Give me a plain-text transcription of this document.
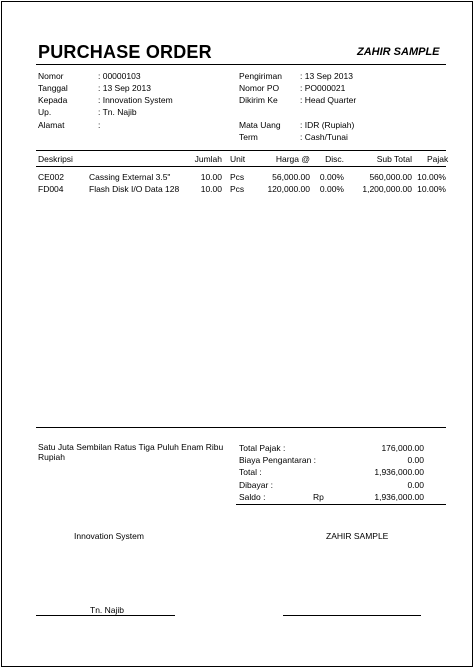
PURCHASE ORDER	ZAHIR SAMPLE
Nomor	: 00000103
Tanggal	: 13 Sep 2013
Kepada	: Innovation System
Up.	: Tn. Najib
Alamat	:
Pengiriman : 13 Sep 2013
Nomor PO : PO000021
Dikirim Ke	: Head Quarter
Mata Uang : IDR (Rupiah)
Term	: Cash/Tunai
Deskripsi	Jumlah Unit	Harga @	Disc.	Sub Total Pajak
CE002	Cassing External 3.5"	10.00 Pcs	56,000.00	0.00%	560,000.00 10.00%
FD004	Flash Disk I/O Data 128	10.00 Pcs	120,000.00	0.00%	1,200,000.00 10.00%
Satu Juta Sembilan Ratus Tiga Puluh Enam Ribu Rupiah
Total Pajak :	176,000.00
Biaya Pengantaran :	0.00
Total :	1,936,000.00
Dibayar :	0.00
Saldo :	Rp	1,936,000.00
Innovation System	ZAHIR SAMPLE
Tn. Najib
